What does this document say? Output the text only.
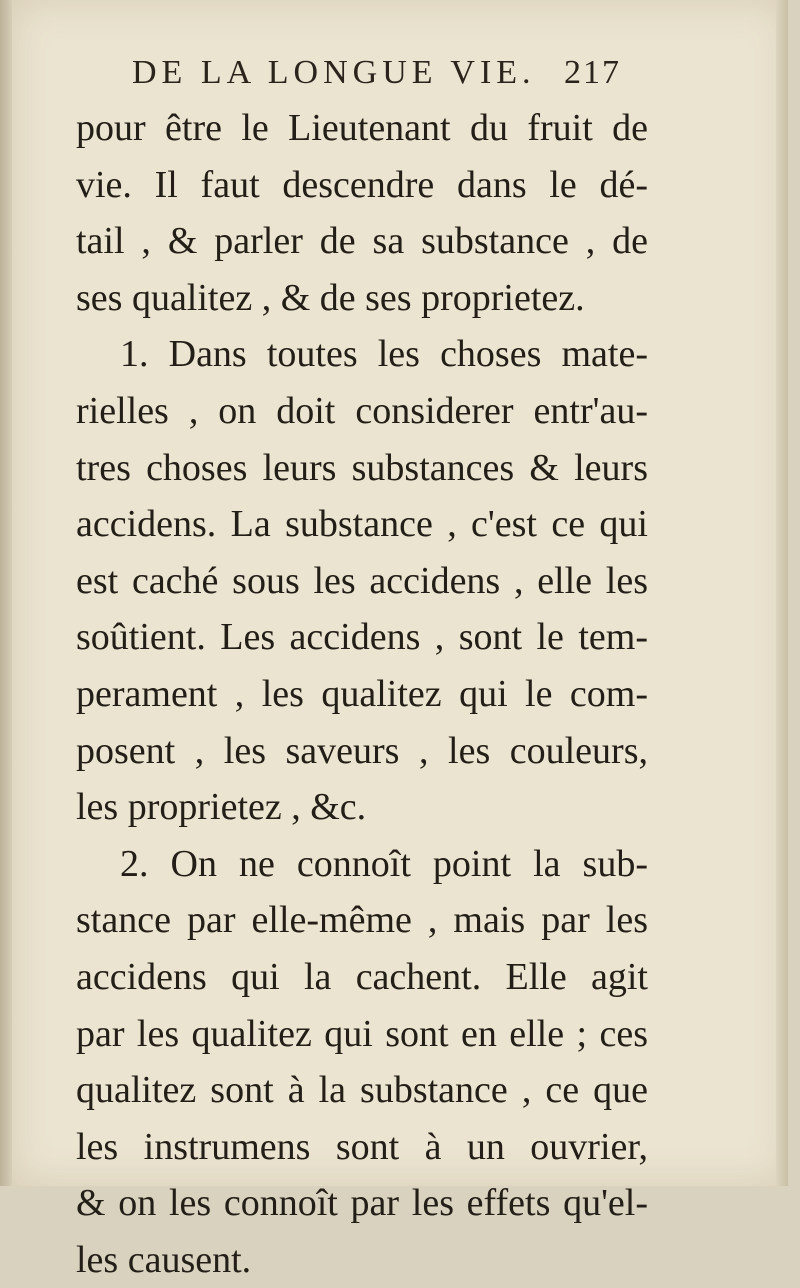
DE LA LONGUE VIE. 217
pour être le Lieutenant du fruit de
vie. Il faut descendre dans le dé-
tail , & parler de sa substance , de
ses qualitez , & de ses proprietez.
1. Dans toutes les choses mate-
rielles , on doit considerer entr'au-
tres choses leurs substances & leurs
accidens. La substance , c'est ce qui
est caché sous les accidens , elle les
soûtient. Les accidens , sont le tem-
perament , les qualitez qui le com-
posent , les saveurs , les couleurs,
les proprietez , &c.
2. On ne connoît point la sub-
stance par elle-même , mais par les
accidens qui la cachent. Elle agit
par les qualitez qui sont en elle ; ces
qualitez sont à la substance , ce que
les instrumens sont à un ouvrier,
& on les connoît par les effets qu'el-
les causent.
